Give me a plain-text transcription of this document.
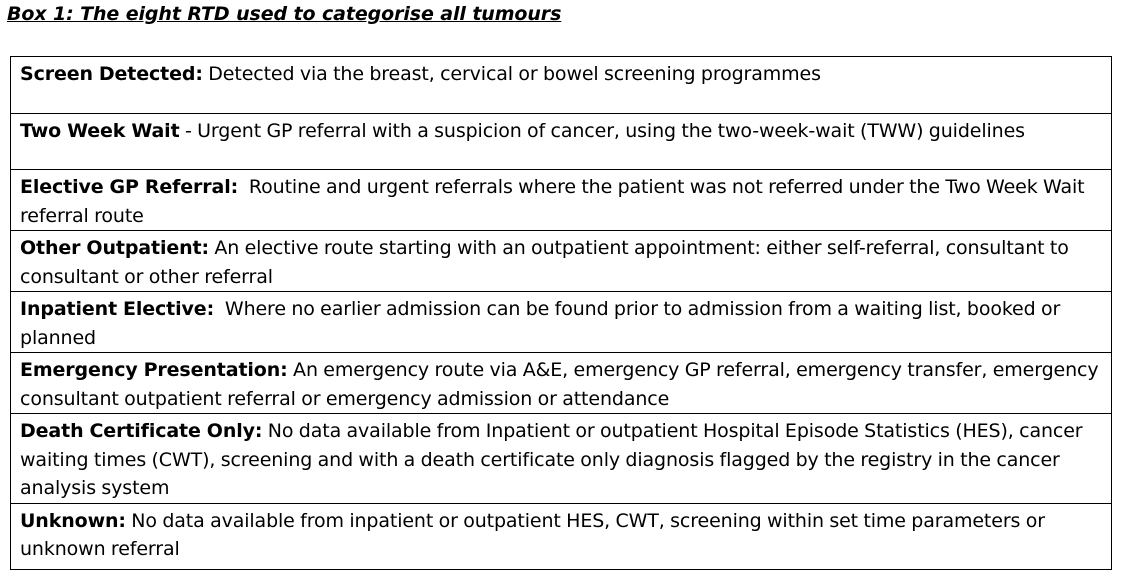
Box 1: The eight RTD used to categorise all tumours
Screen Detected: Detected via the breast, cervical or bowel screening programmes
Two Week Wait - Urgent GP referral with a suspicion of cancer, using the two-week-wait (TWW) guidelines
Elective GP Referral:  Routine and urgent referrals where the patient was not referred under the Two Week Wait referral route
Other Outpatient: An elective route starting with an outpatient appointment: either self-referral, consultant to consultant or other referral
Inpatient Elective:  Where no earlier admission can be found prior to admission from a waiting list, booked or planned
Emergency Presentation: An emergency route via A&E, emergency GP referral, emergency transfer, emergency consultant outpatient referral or emergency admission or attendance
Death Certificate Only: No data available from Inpatient or outpatient Hospital Episode Statistics (HES), cancer waiting times (CWT), screening and with a death certificate only diagnosis flagged by the registry in the cancer analysis system
Unknown: No data available from inpatient or outpatient HES, CWT, screening within set time parameters or unknown referral
